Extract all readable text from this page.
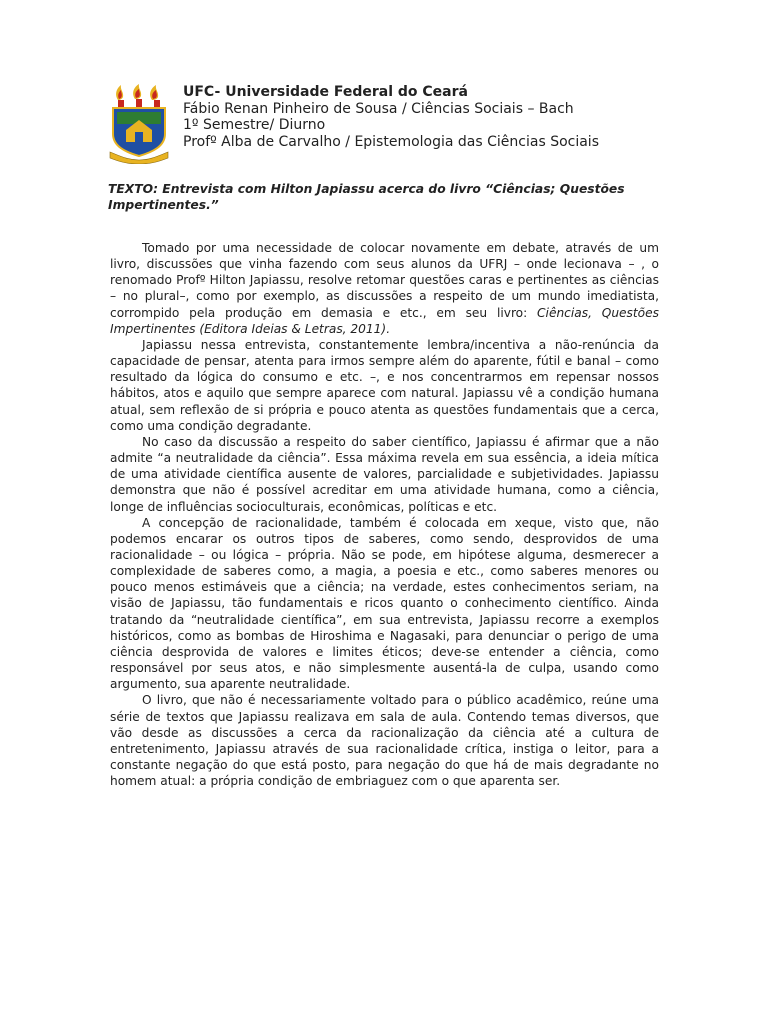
UFC- Universidade Federal do Ceará
Fábio Renan Pinheiro de Sousa / Ciências Sociais – Bach
1º Semestre/ Diurno
Profº Alba de Carvalho / Epistemologia das Ciências Sociais
TEXTO: Entrevista com Hilton Japiassu acerca do livro “Ciências; Questões Impertinentes.”

Tomado por uma necessidade de colocar novamente em debate, através de um livro, discussões que vinha fazendo com seus alunos da UFRJ – onde lecionava – , o renomado Profº Hilton Japiassu, resolve retomar questões caras e pertinentes as ciências – no plural–, como por exemplo, as discussões a respeito de um mundo imediatista, corrompido pela produção em demasia e etc., em seu livro: Ciências, Questões Impertinentes (Editora Ideias & Letras, 2011).

Japiassu nessa entrevista, constantemente lembra/incentiva a não-renúncia da capacidade de pensar, atenta para irmos sempre além do aparente, fútil e banal – como resultado da lógica do consumo e etc. –, e nos concentrarmos em repensar nossos hábitos, atos e aquilo que sempre aparece com natural. Japiassu vê a condição humana atual, sem reflexão de si própria e pouco atenta as questões fundamentais que a cerca, como uma condição degradante.

No caso da discussão a respeito do saber científico, Japiassu é afirmar que a não admite “a neutralidade da ciência”. Essa máxima revela em sua essência, a ideia mítica de uma atividade científica ausente de valores, parcialidade e subjetividades. Japiassu demonstra que não é possível acreditar em uma atividade humana, como a ciência, longe de influências socioculturais, econômicas, políticas e etc.

A concepção de racionalidade, também é colocada em xeque, visto que, não podemos encarar os outros tipos de saberes, como sendo, desprovidos de uma racionalidade – ou lógica – própria. Não se pode, em hipótese alguma, desmerecer a complexidade de saberes como, a magia, a poesia e etc., como saberes menores ou pouco menos estimáveis que a ciência; na verdade, estes conhecimentos seriam, na visão de Japiassu, tão fundamentais e ricos quanto o conhecimento científico. Ainda tratando da “neutralidade científica”, em sua entrevista, Japiassu recorre a exemplos históricos, como as bombas de Hiroshima e Nagasaki, para denunciar o perigo de uma ciência desprovida de valores e limites éticos; deve-se entender a ciência, como responsável por seus atos, e não simplesmente ausentá-la de culpa, usando como argumento, sua aparente neutralidade.

O livro, que não é necessariamente voltado para o público acadêmico, reúne uma série de textos que Japiassu realizava em sala de aula. Contendo temas diversos, que vão desde as discussões a cerca da racionalização da ciência até a cultura de entretenimento, Japiassu através de sua racionalidade crítica, instiga o leitor, para a constante negação do que está posto, para negação do que há de mais degradante no homem atual: a própria condição de embriaguez com o que aparenta ser.
